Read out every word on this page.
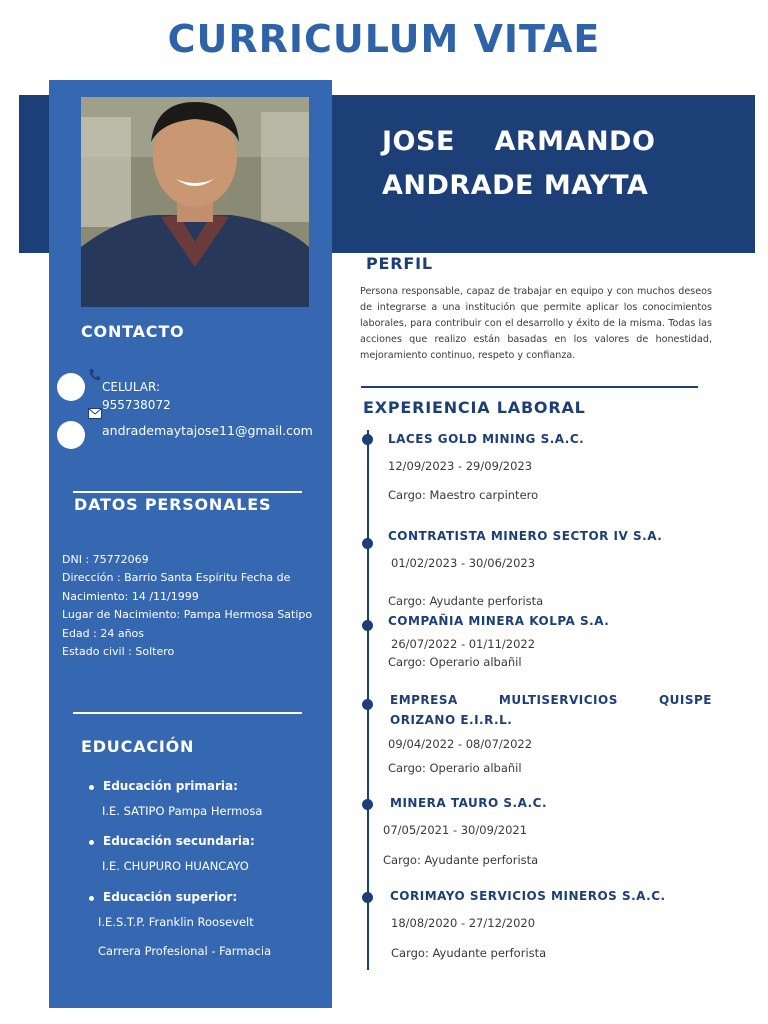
CURRICULUM VITAE
JOSE    ARMANDO
ANDRADE MAYTA
CONTACTO
CELULAR:
955738072
andrademaytajose11@gmail.com
DATOS PERSONALES
DNI : 75772069
Dirección : Barrio Santa Espíritu Fecha de
Nacimiento: 14 /11/1999
Lugar de Nacimiento: Pampa Hermosa Satipo
Edad : 24 años
Estado civil : Soltero
EDUCACIÓN
Educación primaria:
I.E. SATIPO Pampa Hermosa
Educación secundaria:
I.E. CHUPURO HUANCAYO
Educación superior:
I.E.S.T.P. Franklin Roosevelt
Carrera Profesional - Farmacia
PERFIL
Persona responsable, capaz de trabajar en equipo y con muchos deseos de integrarse a una institución que permite aplicar los conocimientos laborales, para contribuir con el desarrollo y éxito de la misma. Todas las acciones que realizo están basadas en los valores de honestidad, mejoramiento continuo, respeto y confianza.
EXPERIENCIA LABORAL
LACES GOLD MINING S.A.C.
12/09/2023 - 29/09/2023
Cargo: Maestro carpintero
CONTRATISTA MINERO SECTOR IV S.A.
01/02/2023 - 30/06/2023
Cargo: Ayudante perforista
COMPAÑIA MINERA KOLPA S.A.
26/07/2022 - 01/11/2022
Cargo: Operario albañil
EMPRESA	MULTISERVICIOS	QUISPE
ORIZANO E.I.R.L.
09/04/2022 - 08/07/2022
Cargo: Operario albañil
MINERA TAURO S.A.C.
07/05/2021 - 30/09/2021
Cargo: Ayudante perforista
CORIMAYO SERVICIOS MINEROS S.A.C.
18/08/2020 - 27/12/2020
Cargo: Ayudante perforista
